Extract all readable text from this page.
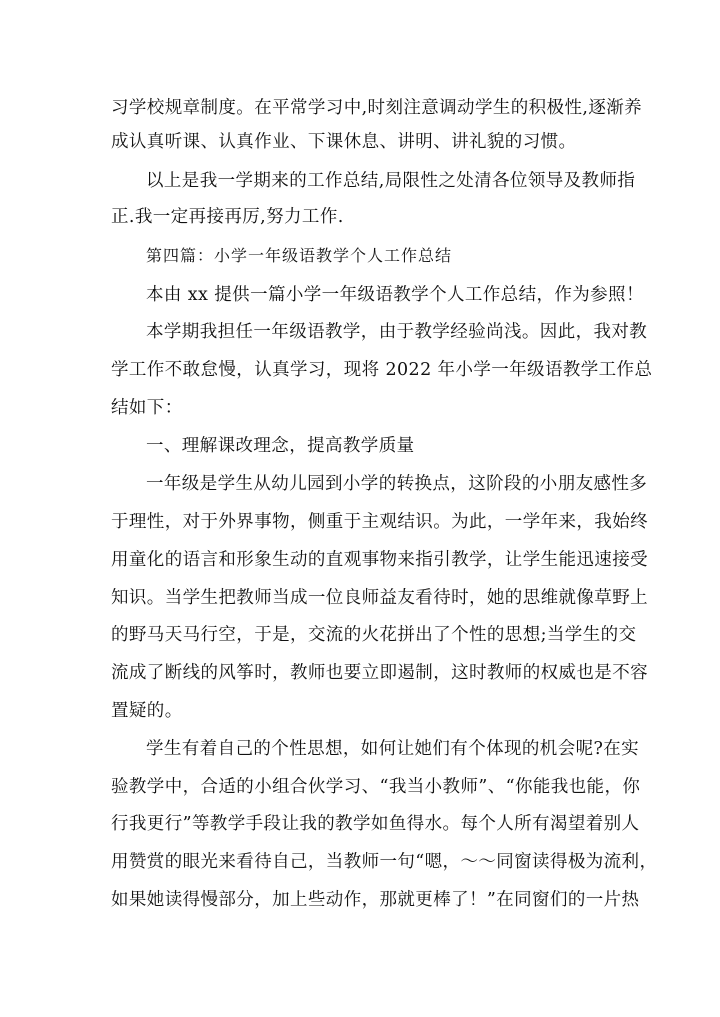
习学校规章制度。在平常学习中,时刻注意调动学生的积极性,逐渐养
成认真听课、认真作业、下课休息、讲明、讲礼貌的习惯。
以上是我一学期来的工作总结,局限性之处清各位领导及教师指
正.我一定再接再厉,努力工作.
第四篇：小学一年级语教学个人工作总结
本由 xx 提供一篇小学一年级语教学个人工作总结，作为参照！
本学期我担任一年级语教学，由于教学经验尚浅。因此，我对教
学工作不敢怠慢，认真学习，现将 2022 年小学一年级语教学工作总
结如下：
一、理解课改理念，提高教学质量
一年级是学生从幼儿园到小学的转换点，这阶段的小朋友感性多
于理性，对于外界事物，侧重于主观结识。为此，一学年来，我始终
用童化的语言和形象生动的直观事物来指引教学，让学生能迅速接受
知识。当学生把教师当成一位良师益友看待时，她的思维就像草野上
的野马天马行空，于是，交流的火花拼出了个性的思想;当学生的交
流成了断线的风筝时，教师也要立即遏制，这时教师的权威也是不容
置疑的。
学生有着自己的个性思想，如何让她们有个体现的机会呢?在实
验教学中，合适的小组合伙学习、“我当小教师”、“你能我也能，你
行我更行”等教学手段让我的教学如鱼得水。每个人所有渴望着别人
用赞赏的眼光来看待自己，当教师一句“嗯，～～同窗读得极为流利，
如果她读得慢部分，加上些动作，那就更棒了！”在同窗们的一片热
